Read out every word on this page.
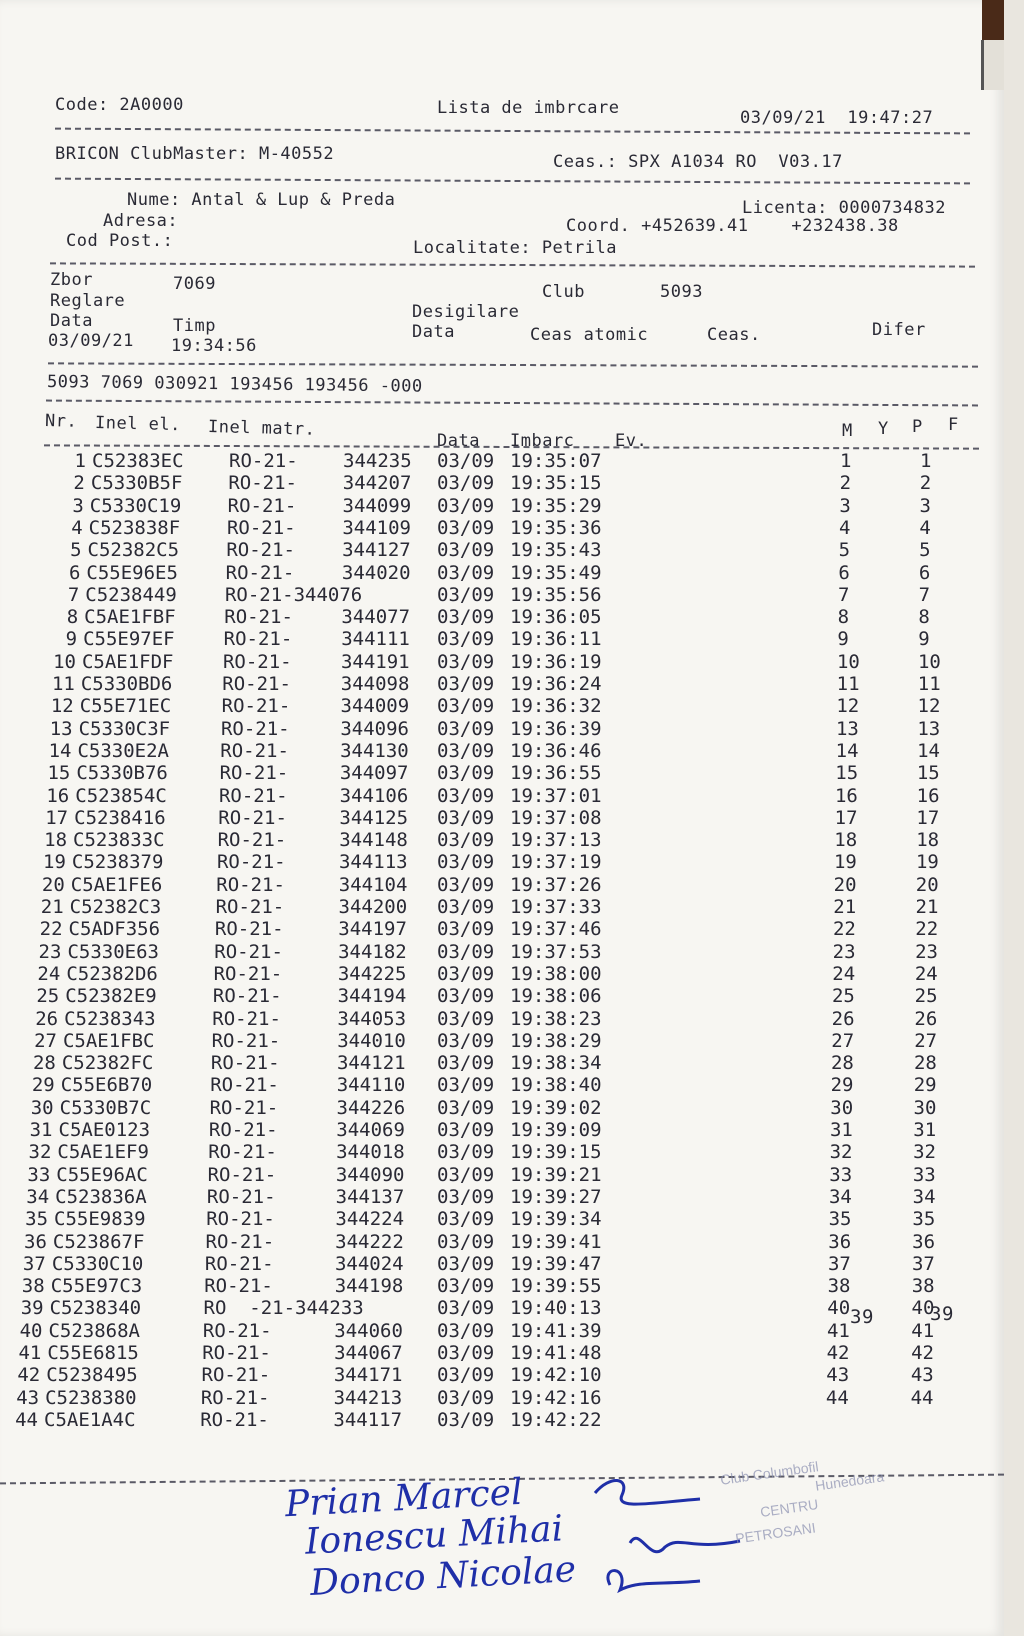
Code: 2A0000	Lista de imbrcare	03/09/21  19:47:27
BRICON ClubMaster: M-40552	Ceas.: SPX A1034 RO  V03.17
Nume: Antal & Lup & Preda	Licenta: 0000734832
Adresa:	Coord. +452639.41    +232438.38
Cod Post.:	Localitate: Petrila
Zbor	7069	Club	5093
Reglare
Desigilare
Data	Timp	Data	Ceas atomic	Ceas.	Difer
03/09/21 19:34:56
5093 7069 030921 193456 193456 -000
Nr. Inel el. Inel matr.
Data Imbarc Ev.	M Y P F
1 C52383EC RO-21- 344235 03/09 19:35:07	1	1
2 C5330B5F RO-21- 344207 03/09 19:35:15	2	2
3 C5330C19 RO-21- 344099 03/09 19:35:29	3	3
4 C523838F RO-21- 344109 03/09 19:35:36	4	4
5 C52382C5 RO-21- 344127 03/09 19:35:43	5	5
6 C55E96E5	RO-21-	344020 03/09 19:35:49	6	6
7 C5238449	RO-21-344076	03/09 19:35:56	7	7
8 C5AE1FBF	RO-21-	344077 03/09 19:36:05	8	8
9 C55E97EF	RO-21-	344111 03/09 19:36:11	9	9
10 C5AE1FDF	RO-21-	344191 03/09 19:36:19	10	10
11 C5330BD6	RO-21-	344098 03/09 19:36:24	11	11
12 C55E71EC	RO-21-	344009 03/09 19:36:32	12	12
13 C5330C3F	RO-21-	344096 03/09 19:36:39	13	13
14 C5330E2A	RO-21-	344130 03/09 19:36:46	14	14
15 C5330B76	RO-21-	344097 03/09 19:36:55	15	15
16 C523854C	RO-21-	344106 03/09 19:37:01	16	16
17 C5238416	RO-21-	344125 03/09 19:37:08	17	17
18 C523833C	RO-21-	344148 03/09 19:37:13	18	18
19 C5238379	RO-21-	344113 03/09 19:37:19	19	19
20 C5AE1FE6	RO-21-	344104 03/09 19:37:26	20	20
21 C52382C3	RO-21-	344200 03/09 19:37:33	21	21
22 C5ADF356	RO-21-	344197 03/09 19:37:46	22	22
23 C5330E63	RO-21-	344182 03/09 19:37:53	23	23
24 C52382D6	RO-21-	344225 03/09 19:38:00	24	24
25 C52382E9	RO-21-	344194 03/09 19:38:06	25	25
26 C5238343	RO-21-	344053 03/09 19:38:23	26	26
27 C5AE1FBC	RO-21-	344010 03/09 19:38:29	27	27
28 C52382FC	RO-21-	344121 03/09 19:38:34	28	28
29 C55E6B70	RO-21-	344110 03/09 19:38:40	29	29
30 C5330B7C	RO-21-	344226 03/09 19:39:02	30	30
31 C5AE0123	RO-21-	344069 03/09 19:39:09	31	31
32 C5AE1EF9	RO-21-	344018 03/09 19:39:15	32	32
33 C55E96AC	RO-21-	344090 03/09 19:39:21	33	33
34 C523836A	RO-21-	344137 03/09 19:39:27	34	34
35 C55E9839	RO-21-	344224 03/09 19:39:34	35	35
36 C523867F	RO-21-	344222 03/09 19:39:41	36	36
37 C5330C10	RO-21-	344024 03/09 19:39:47	37	37
38 C55E97C3	RO-21-	344198 03/09 19:39:55	38	38
39 C5238340	RO  -21-344233	03/09 19:40:13	40	40
40 C523868A	RO-21-	344060 03/09 19:41:39	41	41
41 C55E6815	RO-21-	344067 03/09 19:41:48	42	42
42 C5238495	RO-21-	344171 03/09 19:42:10	43	43
43 C5238380	RO-21-	344213 03/09 19:42:16	44	44
44 C5AE1A4C	RO-21-	344117 03/09 19:42:22
39	39
Prian Marcel
Ionescu Mihai
Donco Nicolae
Club Columbofil
Hunedoara
CENTRU
PETROSANI
